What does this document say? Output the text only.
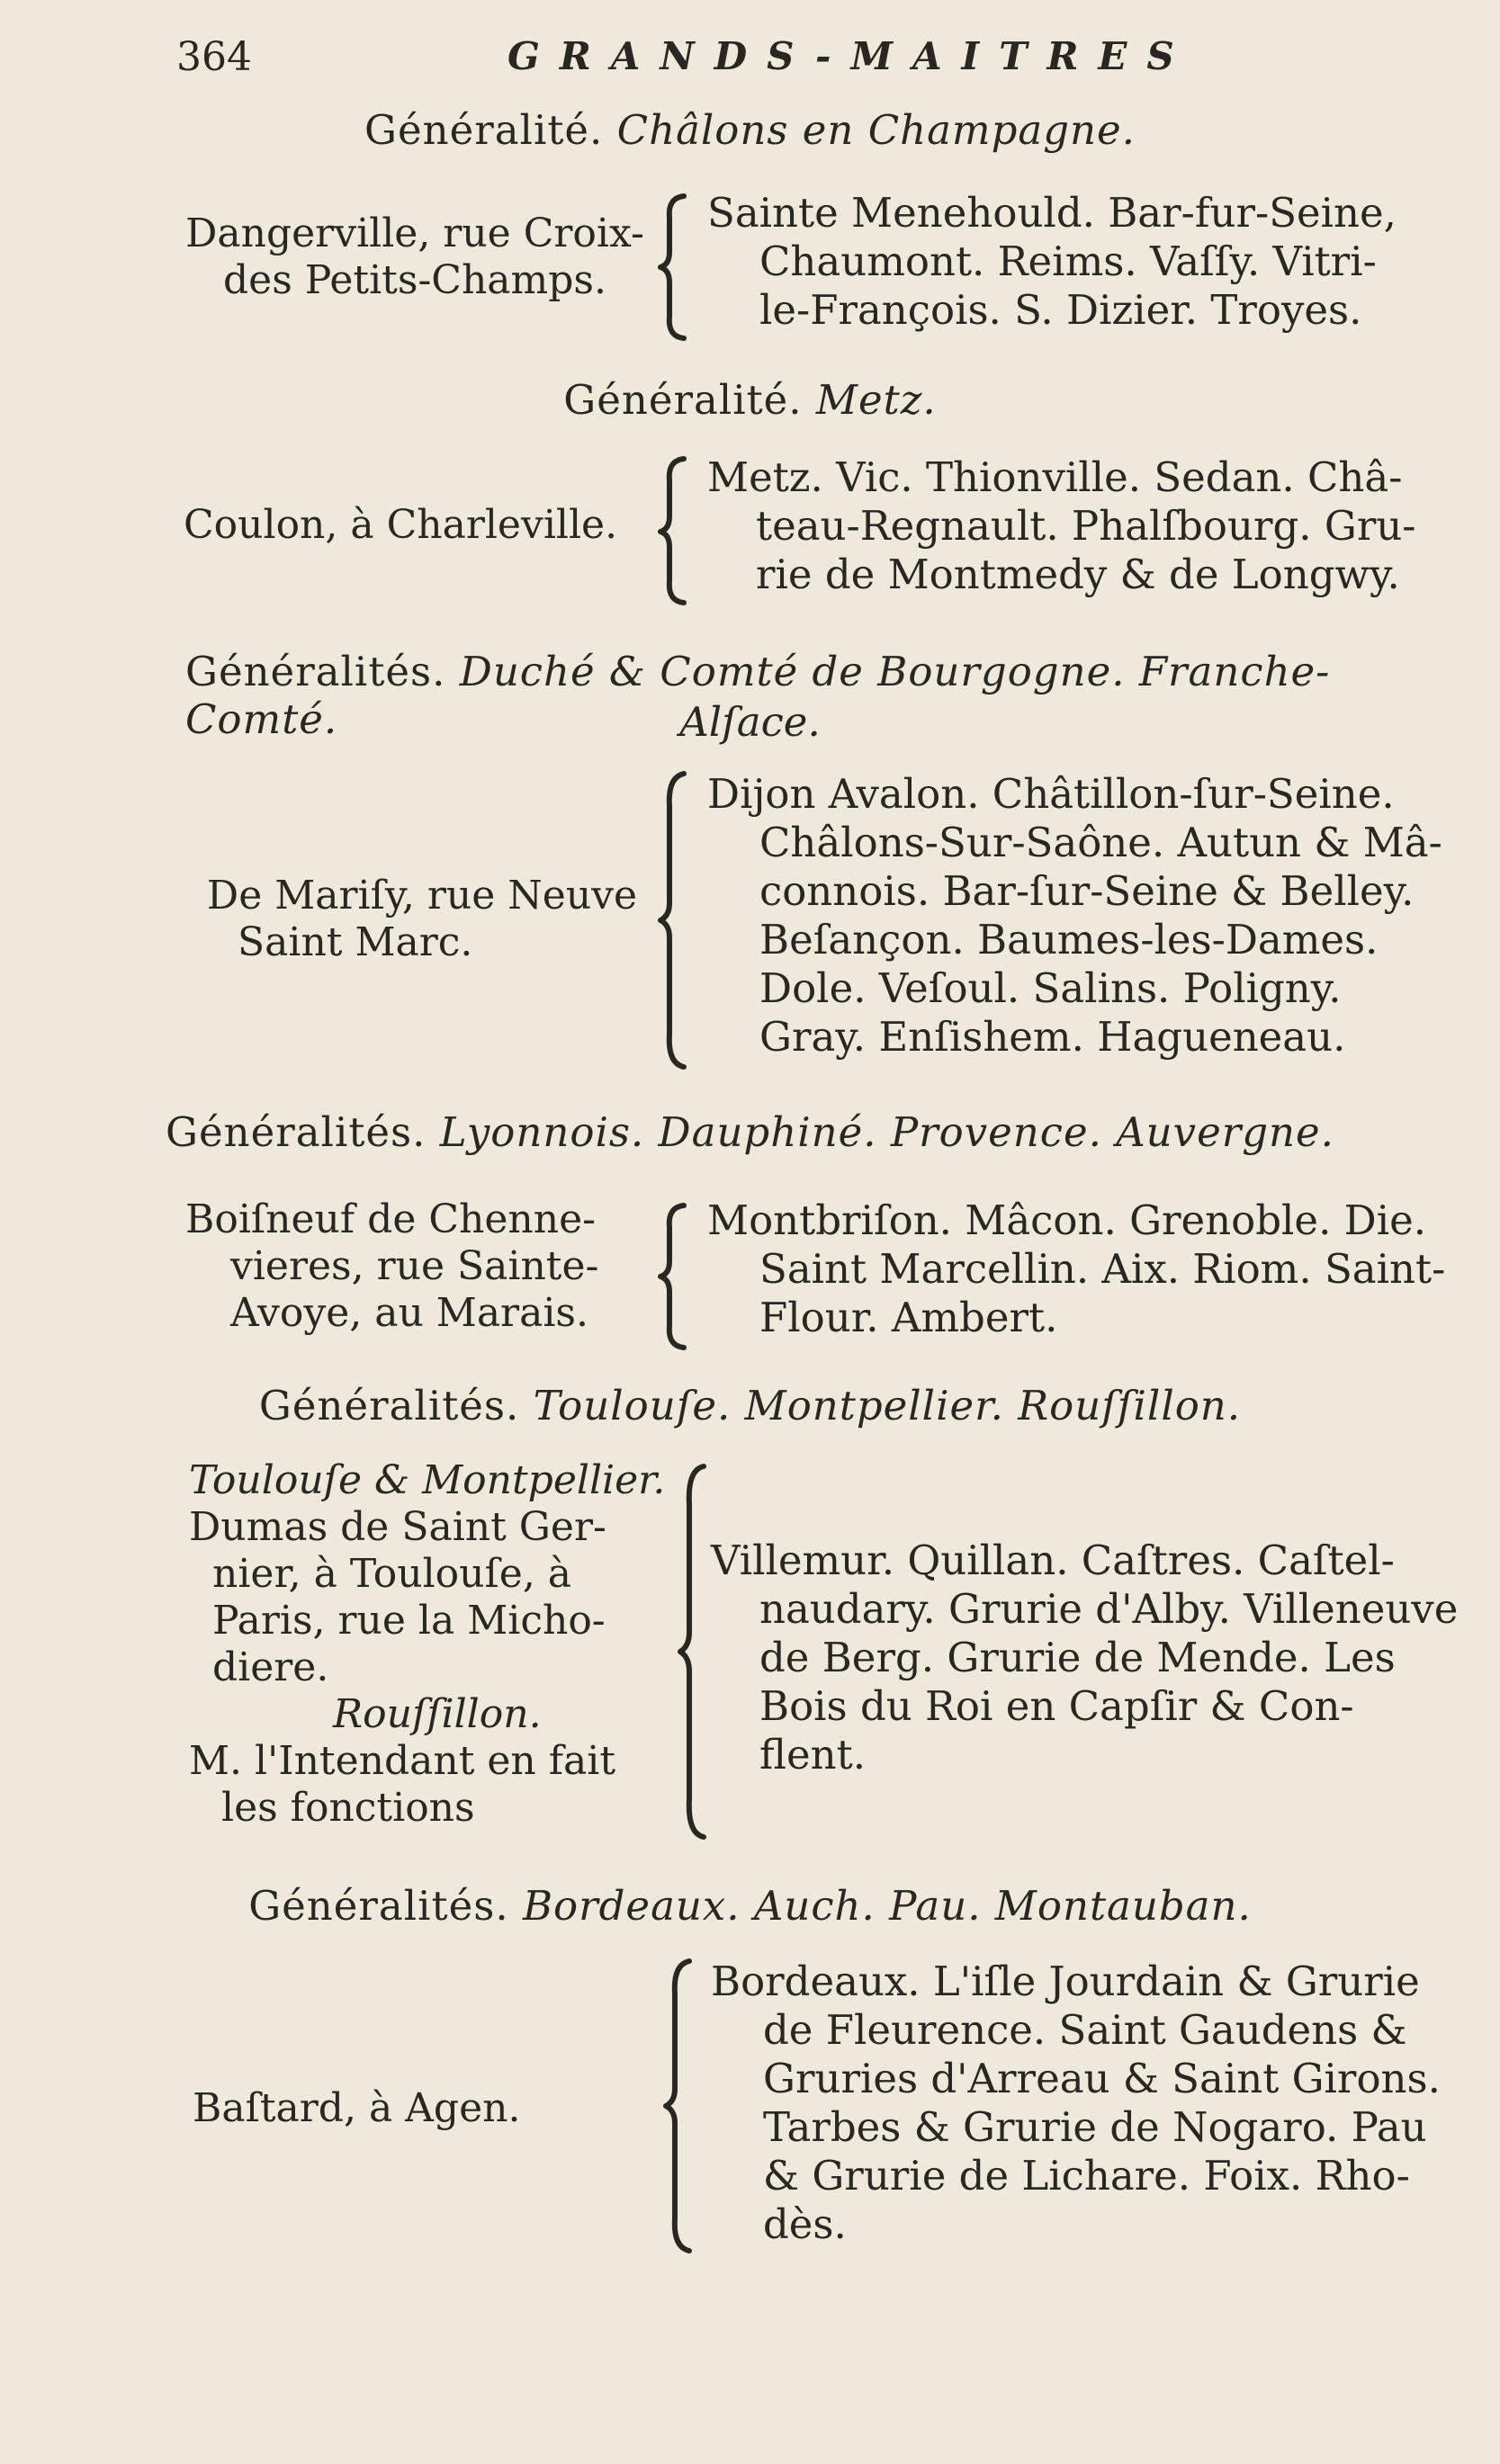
364	GRANDS-MAITRES
Généralité. Châlons en Champagne.
Dangerville, rue Croix-
des Petits-Champs.
Sainte Menehould. Bar-fur-Seine,
Chaumont. Reims. Vaſſy. Vitri-
le-François. S. Dizier. Troyes.
Généralité. Metz.
Coulon, à Charleville.
Metz. Vic. Thionville. Sedan. Châ-
teau-Regnault. Phalſbourg. Gru-
rie de Montmedy & de Longwy.
Généralités. Duché & Comté de Bourgogne. Franche-Comté.	Alſace.
De Mariſy, rue Neuve
Saint Marc.
Dijon Avalon. Châtillon-ſur-Seine.
Châlons-Sur-Saône. Autun & Mâ-
connois. Bar-ſur-Seine & Belley.
Beſançon. Baumes-les-Dames.
Dole. Veſoul. Salins. Poligny.
Gray. Enſishem. Hagueneau.
Généralités. Lyonnois. Dauphiné. Provence. Auvergne.
Boiſneuf de Chenne-
vieres, rue Sainte-
Avoye, au Marais.
Montbriſon. Mâcon. Grenoble. Die.
Saint Marcellin. Aix. Riom. Saint-
Flour. Ambert.
Généralités. Toulouſe. Montpellier. Rouſſillon.
Toulouſe & Montpellier.
Dumas de Saint Ger-
nier, à Toulouſe, à
Paris, rue la Micho-
diere.
Rouſſillon.
M. l'Intendant en fait
les fonctions
Villemur. Quillan. Caſtres. Caſtel-
naudary. Grurie d'Alby. Villeneuve
de Berg. Grurie de Mende. Les
Bois du Roi en Capſir & Con-
flent.
Généralités. Bordeaux. Auch. Pau. Montauban.
Baſtard, à Agen.
Bordeaux. L'iſle Jourdain & Grurie
de Fleurence. Saint Gaudens &
Gruries d'Arreau & Saint Girons.
Tarbes & Grurie de Nogaro. Pau
& Grurie de Lichare. Foix. Rho-
dès.
